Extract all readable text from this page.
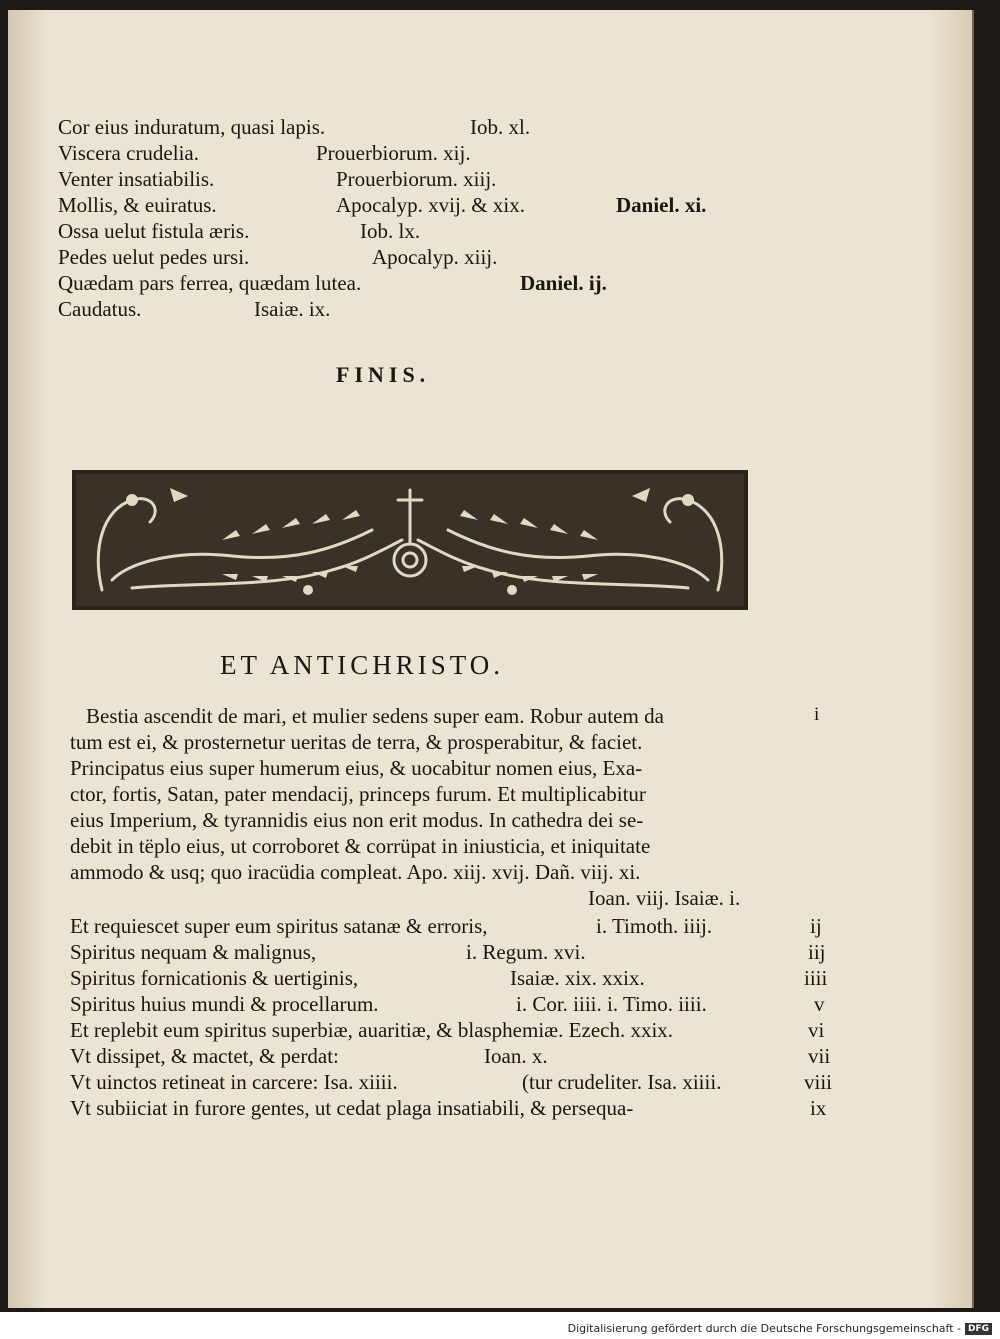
Cor eius induratum, quasi lapis.	Iob. xl.
Viscera crudelia.	Prouerbiorum. xij.
Venter insatiabilis.	Prouerbiorum. xiij.
Mollis, & euiratus.	Apocalyp. xvij. & xix.	Daniel. xi.
Ossa uelut fistula æris.	Iob. lx.
Pedes uelut pedes ursi.	Apocalyp. xiij.
Quædam pars ferrea, quædam lutea.	Daniel. ij.
Caudatus.	Isaiæ. ix.
FINIS.
ET ANTICHRISTO.
i
Bestia ascendit de mari, et mulier sedens super eam. Robur autem da
tum est ei, & prosternetur ueritas de terra, & prosperabitur, & faciet.
Principatus eius super humerum eius, & uocabitur nomen eius, Exa-
ctor, fortis, Satan, pater mendacij, princeps furum. Et multiplicabitur
eius Imperium, & tyrannidis eius non erit modus. In cathedra dei se-
debit in tëplo eius, ut corroboret & corrüpat in iniusticia, et iniquitate
ammodo & usq; quo iracüdia compleat. Apo. xiij. xvij. Dañ. viij. xi.
Ioan. viij. Isaiæ. i.
Et requiescet super eum spiritus satanæ & erroris,	i. Timoth. iiij.	ij
Spiritus nequam & malignus,	i. Regum. xvi.	iij
Spiritus fornicationis & uertiginis,	Isaiæ. xix. xxix.	iiii
Spiritus huius mundi & procellarum.	i. Cor. iiii. i. Timo. iiii.	v
Et replebit eum spiritus superbiæ, auaritiæ, & blasphemiæ. Ezech. xxix.	vi
Vt dissipet, & mactet, & perdat:	Ioan. x.	vii
Vt uinctos retineat in carcere: Isa. xiiii.	(tur crudeliter. Isa. xiiii.	viii
Vt subiiciat in furore gentes, ut cedat plaga insatiabili, & persequa-	ix
Digitalisierung gefördert durch die Deutsche Forschungsgemeinschaft - DFG
